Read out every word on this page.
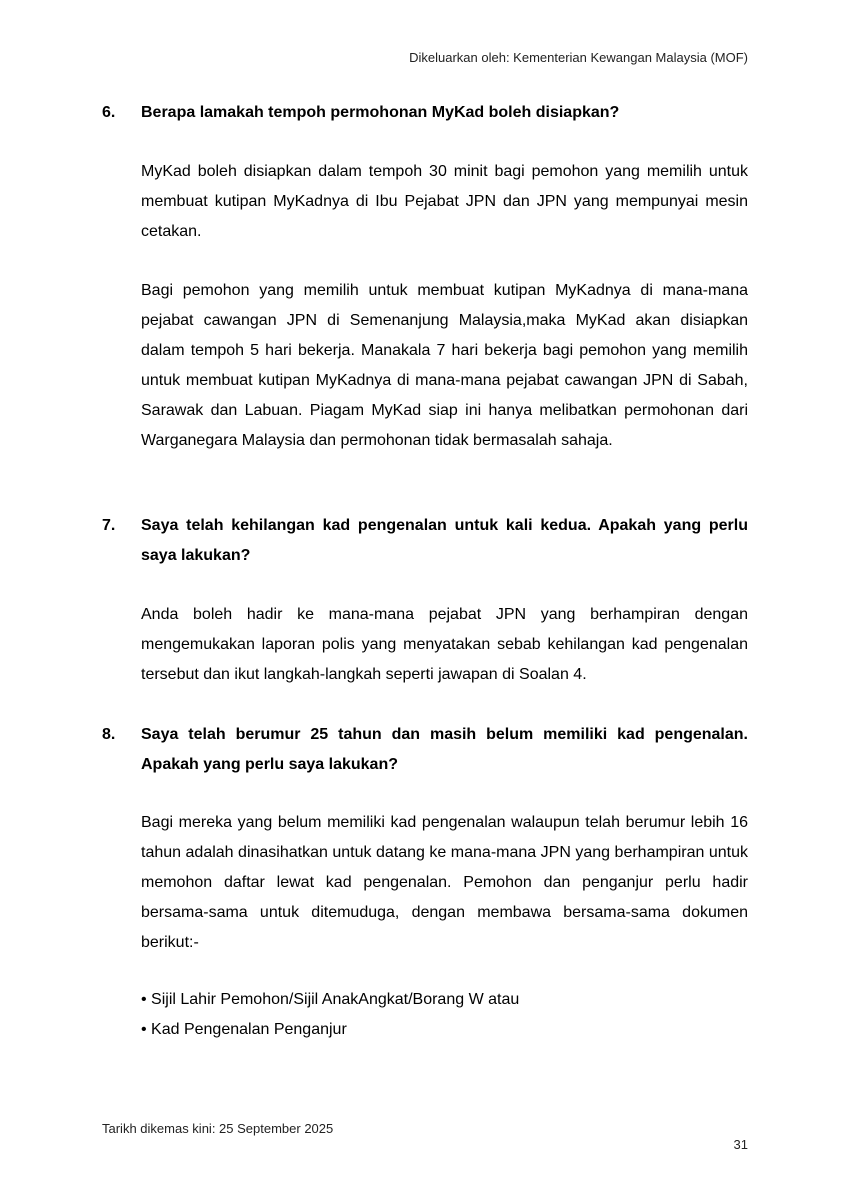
Dikeluarkan oleh: Kementerian Kewangan Malaysia (MOF)
6. Berapa lamakah tempoh permohonan MyKad boleh disiapkan?
MyKad boleh disiapkan dalam tempoh 30 minit bagi pemohon yang memilih untuk membuat kutipan MyKadnya di Ibu Pejabat JPN dan JPN yang mempunyai mesin cetakan.
Bagi pemohon yang memilih untuk membuat kutipan MyKadnya di mana-mana pejabat cawangan JPN di Semenanjung Malaysia,maka MyKad akan disiapkan dalam tempoh 5 hari bekerja. Manakala 7 hari bekerja bagi pemohon yang memilih untuk membuat kutipan MyKadnya di mana-mana pejabat cawangan JPN di Sabah, Sarawak dan Labuan. Piagam MyKad siap ini hanya melibatkan permohonan dari Warganegara Malaysia dan permohonan tidak bermasalah sahaja.
7. Saya telah kehilangan kad pengenalan untuk kali kedua. Apakah yang perlu saya lakukan?
Anda boleh hadir ke mana-mana pejabat JPN yang berhampiran dengan mengemukakan laporan polis yang menyatakan sebab kehilangan kad pengenalan tersebut dan ikut langkah-langkah seperti jawapan di Soalan 4.
8. Saya telah berumur 25 tahun dan masih belum memiliki kad pengenalan. Apakah yang perlu saya lakukan?
Bagi mereka yang belum memiliki kad pengenalan walaupun telah berumur lebih 16 tahun adalah dinasihatkan untuk datang ke mana-mana JPN yang berhampiran untuk memohon daftar lewat kad pengenalan. Pemohon dan penganjur perlu hadir bersama-sama untuk ditemuduga, dengan membawa bersama-sama dokumen berikut:-
• Sijil Lahir Pemohon/Sijil AnakAngkat/Borang W atau
• Kad Pengenalan Penganjur
Tarikh dikemas kini: 25 September 2025
31
